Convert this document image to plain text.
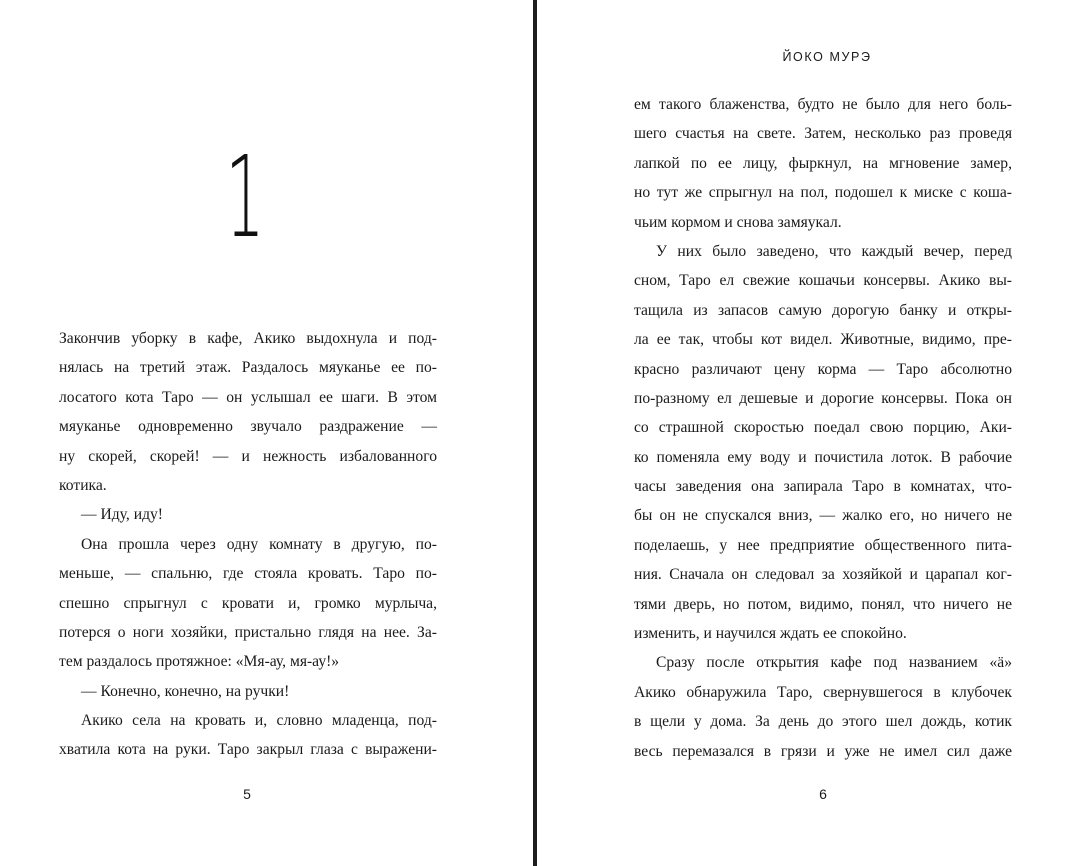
1
Закончив уборку в кафе, Акико выдохнула и под-
нялась на третий этаж. Раздалось мяуканье ее по-
лосатого кота Таро — он услышал ее шаги. В этом
мяуканье одновременно звучало раздражение —
ну скорей, скорей! — и нежность избалованного
котика.
— Иду, иду!
Она прошла через одну комнату в другую, по-
меньше, — спальню, где стояла кровать. Таро по-
спешно спрыгнул с кровати и, громко мурлыча,
потерся о ноги хозяйки, пристально глядя на нее. За-
тем раздалось протяжное: «Мя-ау, мя-ау!»
— Конечно, конечно, на ручки!
Акико села на кровать и, словно младенца, под-
хватила кота на руки. Таро закрыл глаза с выражени-
5
ЙОКО МУРЭ
ем такого блаженства, будто не было для него боль-
шего счастья на свете. Затем, несколько раз проведя
лапкой по ее лицу, фыркнул, на мгновение замер,
но тут же спрыгнул на пол, подошел к миске с коша-
чьим кормом и снова замяукал.
У них было заведено, что каждый вечер, перед
сном, Таро ел свежие кошачьи консервы. Акико вы-
тащила из запасов самую дорогую банку и откры-
ла ее так, чтобы кот видел. Животные, видимо, пре-
красно различают цену корма — Таро абсолютно
по-разному ел дешевые и дорогие консервы. Пока он
со страшной скоростью поедал свою порцию, Аки-
ко поменяла ему воду и почистила лоток. В рабочие
часы заведения она запирала Таро в комнатах, что-
бы он не спускался вниз, — жалко его, но ничего не
поделаешь, у нее предприятие общественного пита-
ния. Сначала он следовал за хозяйкой и царапал ког-
тями дверь, но потом, видимо, понял, что ничего не
изменить, и научился ждать ее спокойно.
Сразу после открытия кафе под названием «ӓ»
Акико обнаружила Таро, свернувшегося в клубочек
в щели у дома. За день до этого шел дождь, котик
весь перемазался в грязи и уже не имел сил даже
6
